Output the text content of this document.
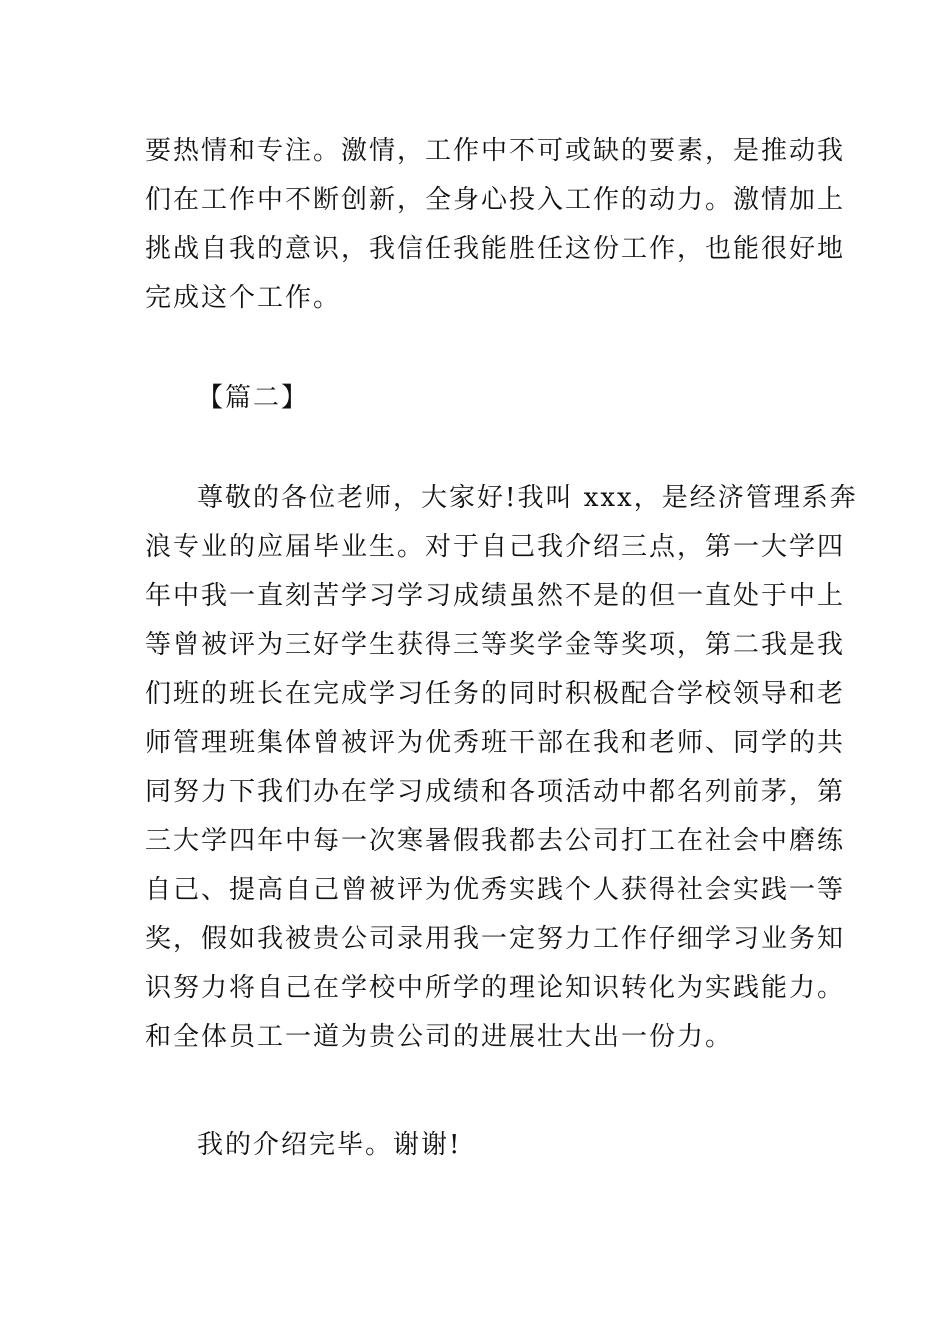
要热情和专注。激情，工作中不可或缺的要素，是推动我
们在工作中不断创新，全身心投入工作的动力。激情加上
挑战自我的意识，我信任我能胜任这份工作，也能很好地
完成这个工作。
【篇二】
尊敬的各位老师，大家好!我叫 xxx，是经济管理系奔
浪专业的应届毕业生。对于自己我介绍三点，第一大学四
年中我一直刻苦学习学习成绩虽然不是的但一直处于中上
等曾被评为三好学生获得三等奖学金等奖项，第二我是我
们班的班长在完成学习任务的同时积极配合学校领导和老
师管理班集体曾被评为优秀班干部在我和老师、同学的共
同努力下我们办在学习成绩和各项活动中都名列前茅，第
三大学四年中每一次寒暑假我都去公司打工在社会中磨练
自己、提高自己曾被评为优秀实践个人获得社会实践一等
奖，假如我被贵公司录用我一定努力工作仔细学习业务知
识努力将自己在学校中所学的理论知识转化为实践能力。
和全体员工一道为贵公司的进展壮大出一份力。
我的介绍完毕。谢谢!
